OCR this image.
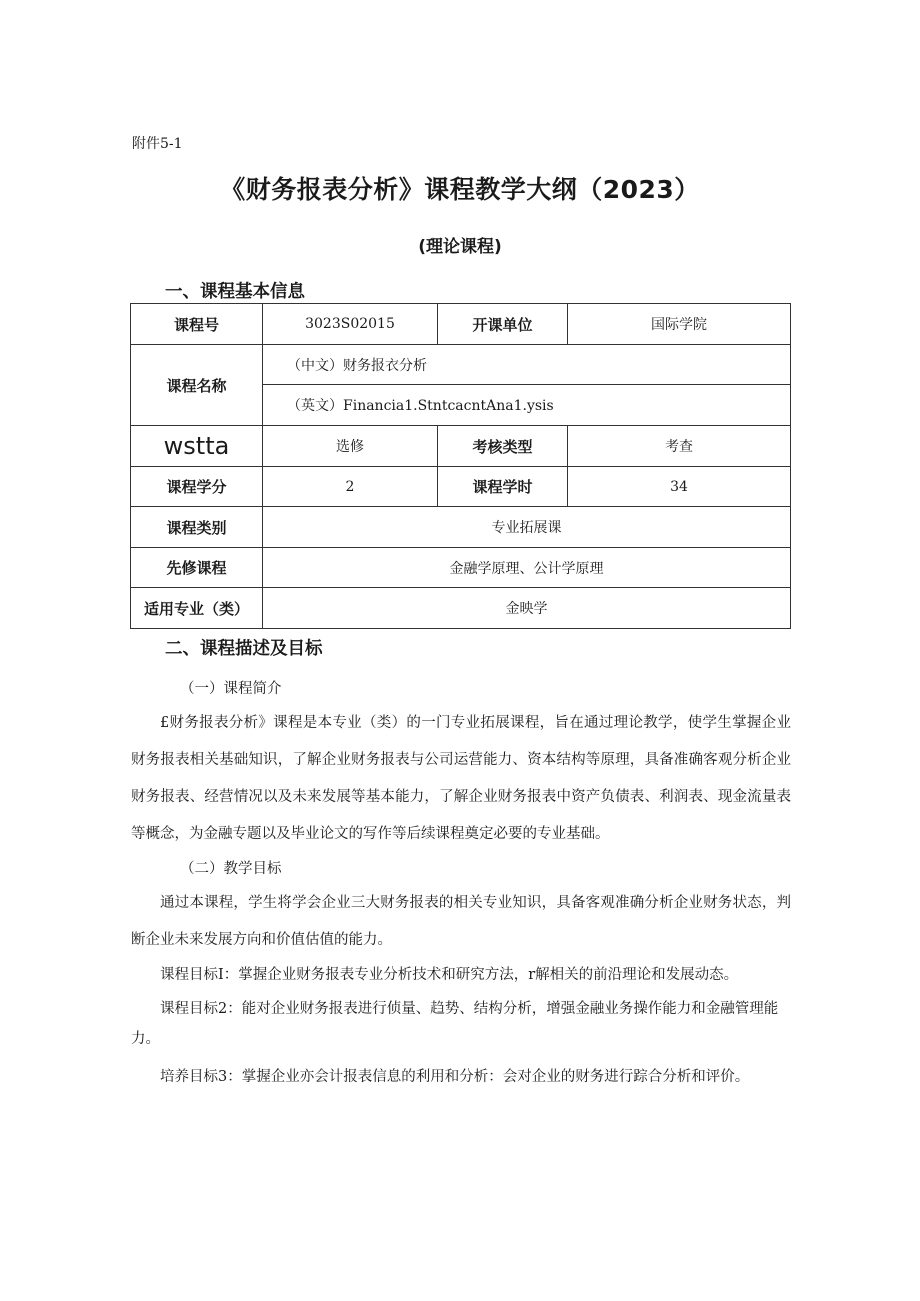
附件5-1
《财务报表分析》课程教学大纲（2023）
(理论课程)
一、课程基本信息
课程号	3023S02015	开课单位	国际学院
课程名称	（中文）财务报衣分析		
	（英文）Financia1.StntcacntAna1.ysis		
wstta	选修	考核类型	考查
课程学分	2	课程学时	34
课程类别	专业拓展课		
先修课程	金融学原理、公计学原理		
适用专业（类）	金映学		
二、课程描述及目标
（一）课程简介
£财务报表分析》课程是本专业（类）的一门专业拓展课程，旨在通过理论教学，使学生掌握企业财务报表相关基础知识，了解企业财务报表与公司运营能力、资本结构等原理，具备准确客观分析企业财务报表、经营情况以及未来发展等基本能力，了解企业财务报表中资产负债表、利润表、现金流量表等概念，为金融专题以及毕业论文的写作等后续课程奠定必要的专业基础。
（二）教学目标
通过本课程，学生将学会企业三大财务报表的相关专业知识，具备客观准确分析企业财务状态，判断企业未来发展方向和价值估值的能力。
课程目标I：掌握企业财务报表专业分析技术和研究方法，r解相关的前沿理论和发展动态。
课程目标2：能对企业财务报表进行侦量、趋势、结构分析，增强金融业务操作能力和金融管理能力。
培养目标3：掌握企业亦会计报表信息的利用和分析：会对企业的财务进行踪合分析和评价。
